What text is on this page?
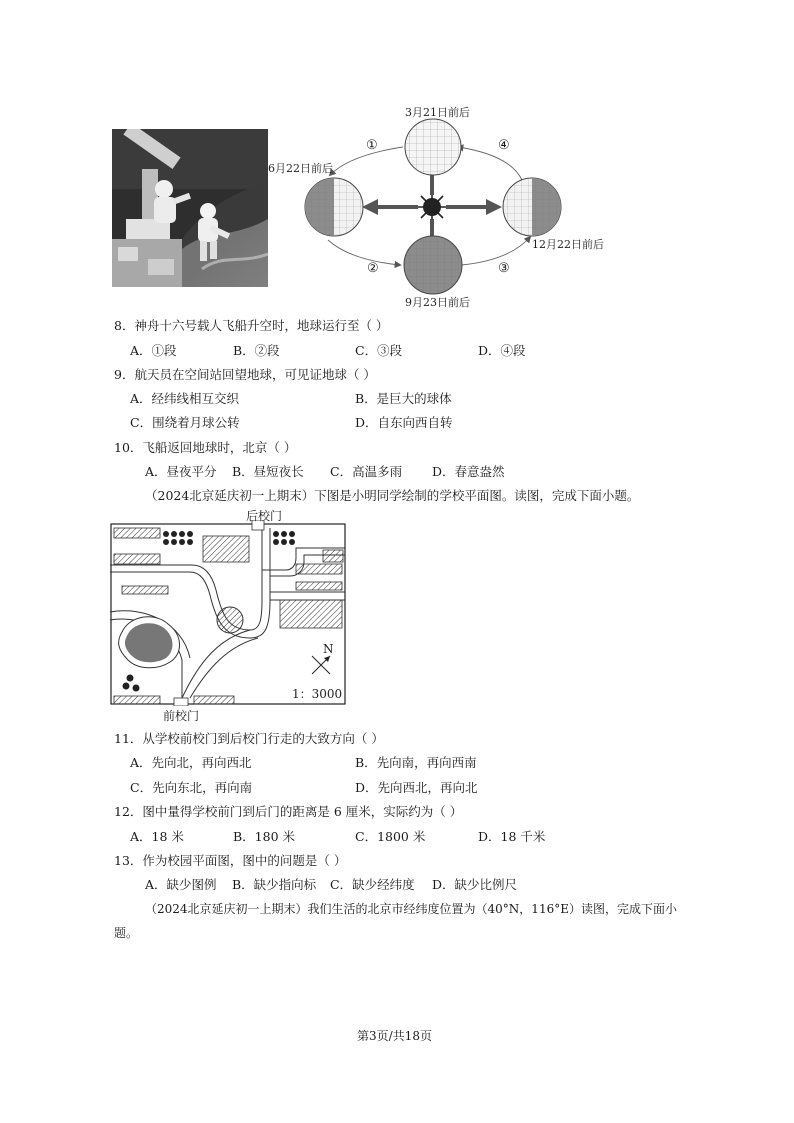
3月21日前后
6月22日前后
12月22日前后
9月23日前后
①
②	③
④
8．神舟十六号载人飞船升空时，地球运行至（ ）
A．①段	B．②段	C．③段	D．④段
9．航天员在空间站回望地球，可见证地球（ ）
A．经纬线相互交织	B．是巨大的球体
C．围绕着月球公转	D．自东向西自转
10．飞船返回地球时，北京（ ）
A．昼夜平分 B．昼短夜长 C．高温多雨 D．春意盎然
（2024北京延庆初一上期末）下图是小明同学绘制的学校平面图。读图，完成下面小题。
后校门
前校门
N
1：3000
11．从学校前校门到后校门行走的大致方向（ ）
A．先向北，再向西北	B．先向南，再向西南
C．先向东北，再向南	D．先向西北，再向北
12．图中量得学校前门到后门的距离是 6 厘米，实际约为（ ）
A．18 米	B．180 米	C．1800 米	D．18 千米
13．作为校园平面图，图中的问题是（ ）
A．缺少图例 B．缺少指向标 C．缺少经纬度 D．缺少比例尺
（2024北京延庆初一上期末）我们生活的北京市经纬度位置为（40°N，116°E）读图，完成下面小
题。
第3页/共18页
